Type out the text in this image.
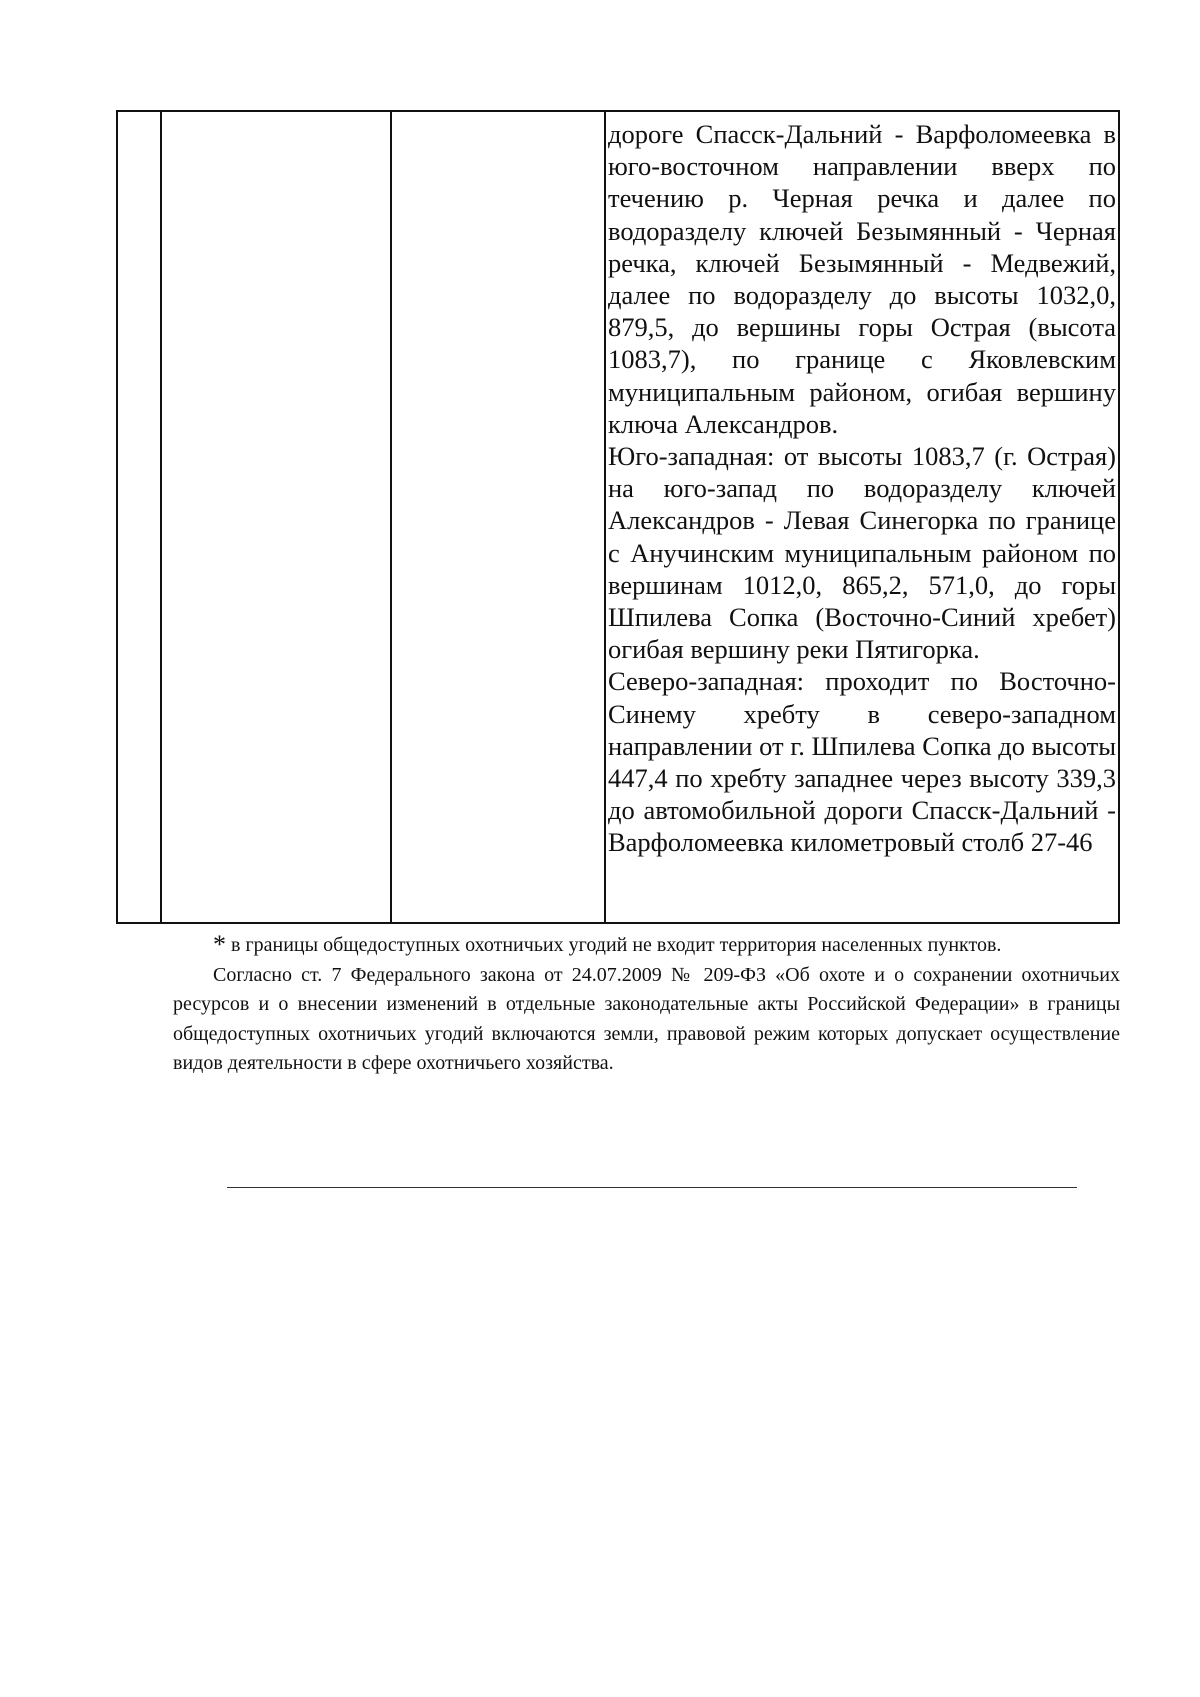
дороге Спасск-Дальний - Варфоломеевка в юго-восточном направлении вверх по течению р. Черная речка и далее по водоразделу ключей Безымянный - Черная речка, ключей Безымянный - Медвежий, далее по водоразделу до высоты 1032,0, 879,5, до вершины горы Острая (высота 1083,7), по границе с Яковлевским муниципальным районом, огибая вершину ключа Александров.

Юго-западная: от высоты 1083,7 (г. Острая) на юго-запад по водоразделу ключей Александров - Левая Синегорка по границе с Анучинским муниципальным районом по вершинам 1012,0, 865,2, 571,0, до горы Шпилева Сопка (Восточно-Синий хребет) огибая вершину реки Пятигорка.

Северо-западная: проходит по Восточно-Синему хребту в северо-западном направлении от г. Шпилева Сопка до высоты 447,4 по хребту западнее через высоту 339,3 до автомобильной дороги Спасск-Дальний - Варфоломеевка километровый столб 27-46

* в границы общедоступных охотничьих угодий не входит территория населенных пунктов.

Согласно ст. 7 Федерального закона от 24.07.2009 № 209-ФЗ «Об охоте и о сохранении охотничьих ресурсов и о внесении изменений в отдельные законодательные акты Российской Федерации» в границы общедоступных охотничьих угодий включаются земли, правовой режим которых допускает осуществление видов деятельности в сфере охотничьего хозяйства.
